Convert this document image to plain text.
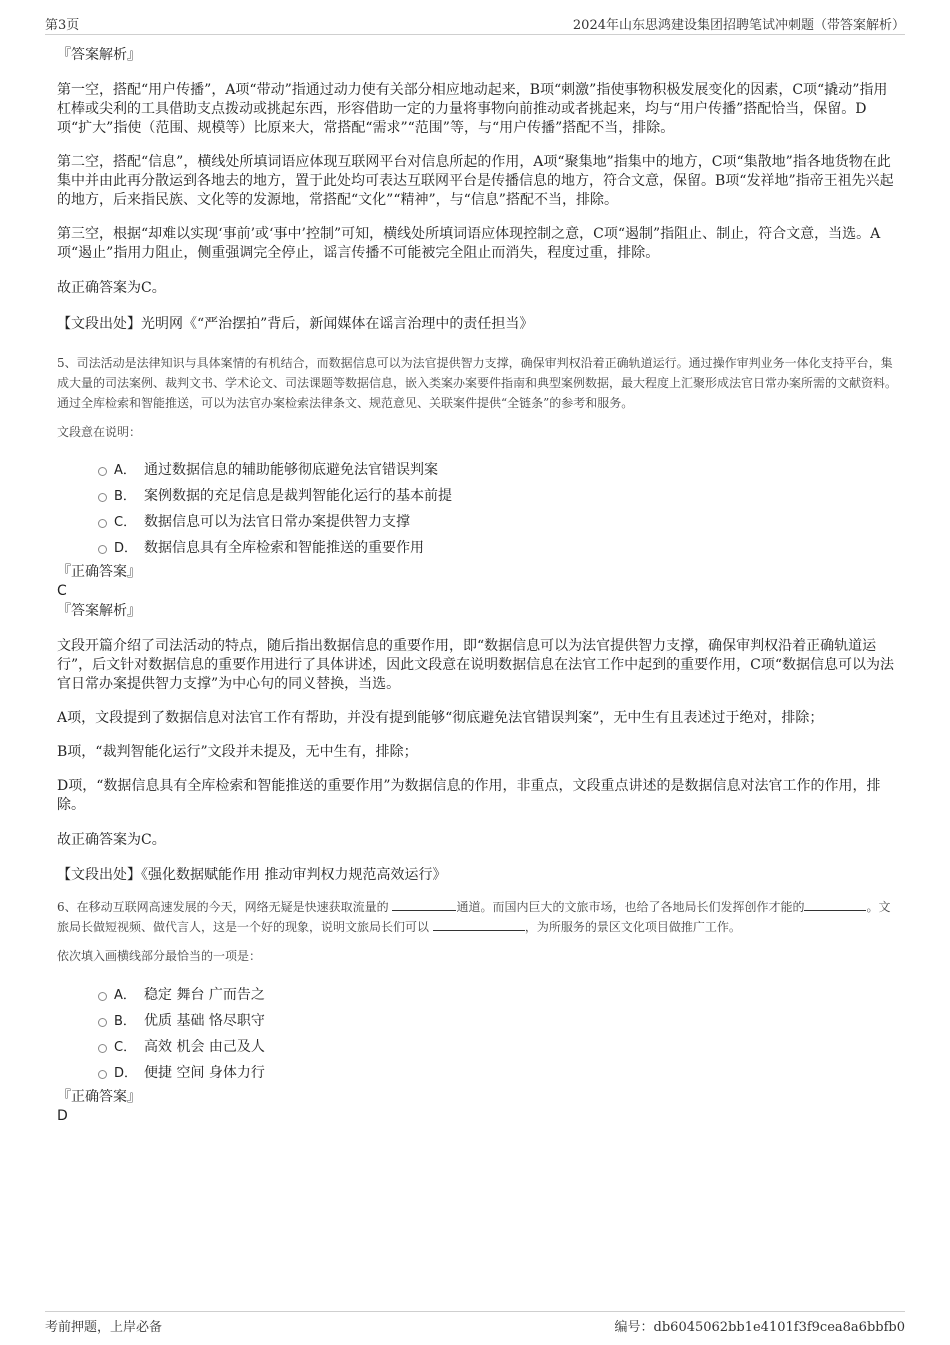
第3页	2024年山东思鸿建设集团招聘笔试冲刺题（带答案解析）

『答案解析』

第一空，搭配“用户传播”，A项“带动”指通过动力使有关部分相应地动起来，B项“刺激”指使事物积极发展变化的因素，C项“撬动”指用杠棒或尖利的工具借助支点拨动或挑起东西，形容借助一定的力量将事物向前推动或者挑起来，均与“用户传播”搭配恰当，保留。D项“扩大”指使（范围、规模等）比原来大，常搭配“需求”“范围”等，与“用户传播”搭配不当，排除。

第二空，搭配“信息”，横线处所填词语应体现互联网平台对信息所起的作用，A项“聚集地”指集中的地方，C项“集散地”指各地货物在此集中并由此再分散运到各地去的地方，置于此处均可表达互联网平台是传播信息的地方，符合文意，保留。B项“发祥地”指帝王祖先兴起的地方，后来指民族、文化等的发源地，常搭配“文化”“精神”，与“信息”搭配不当，排除。

第三空，根据“却难以实现‘事前’或‘事中’控制”可知，横线处所填词语应体现控制之意，C项“遏制”指阻止、制止，符合文意，当选。A项“遏止”指用力阻止，侧重强调完全停止，谣言传播不可能被完全阻止而消失，程度过重，排除。

故正确答案为C。

【文段出处】光明网《“严治摆拍”背后，新闻媒体在谣言治理中的责任担当》

5、司法活动是法律知识与具体案情的有机结合，而数据信息可以为法官提供智力支撑，确保审判权沿着正确轨道运行。通过操作审判业务一体化支持平台，集成大量的司法案例、裁判文书、学术论文、司法课题等数据信息，嵌入类案办案要件指南和典型案例数据，最大程度上汇聚形成法官日常办案所需的文献资料。通过全库检索和智能推送，可以为法官办案检索法律条文、规范意见、关联案件提供“全链条”的参考和服务。

文段意在说明：

A． 通过数据信息的辅助能够彻底避免法官错误判案
B． 案例数据的充足信息是裁判智能化运行的基本前提
C． 数据信息可以为法官日常办案提供智力支撑
D． 数据信息具有全库检索和智能推送的重要作用

『正确答案』

C

『答案解析』

文段开篇介绍了司法活动的特点，随后指出数据信息的重要作用，即“数据信息可以为法官提供智力支撑，确保审判权沿着正确轨道运行”，后文针对数据信息的重要作用进行了具体讲述，因此文段意在说明数据信息在法官工作中起到的重要作用，C项“数据信息可以为法官日常办案提供智力支撑”为中心句的同义替换，当选。

A项，文段提到了数据信息对法官工作有帮助，并没有提到能够“彻底避免法官错误判案”，无中生有且表述过于绝对，排除；

B项，“裁判智能化运行”文段并未提及，无中生有，排除；

D项，“数据信息具有全库检索和智能推送的重要作用”为数据信息的作用，非重点，文段重点讲述的是数据信息对法官工作的作用，排除。

故正确答案为C。

【文段出处】《强化数据赋能作用 推动审判权力规范高效运行》

6、在移动互联网高速发展的今天，网络无疑是快速获取流量的	通道。而国内巨大的文旅市场，也给了各地局长们发挥创作才能的	。文旅局长做短视频、做代言人，这是一个好的现象，说明文旅局长们可以	，为所服务的景区文化项目做推广工作。

依次填入画横线部分最恰当的一项是：

A． 稳定 舞台 广而告之
B． 优质 基础 恪尽职守
C． 高效 机会 由己及人
D． 便捷 空间 身体力行

『正确答案』

D

考前押题，上岸必备	编号：db6045062bb1e4101f3f9cea8a6bbfb0
